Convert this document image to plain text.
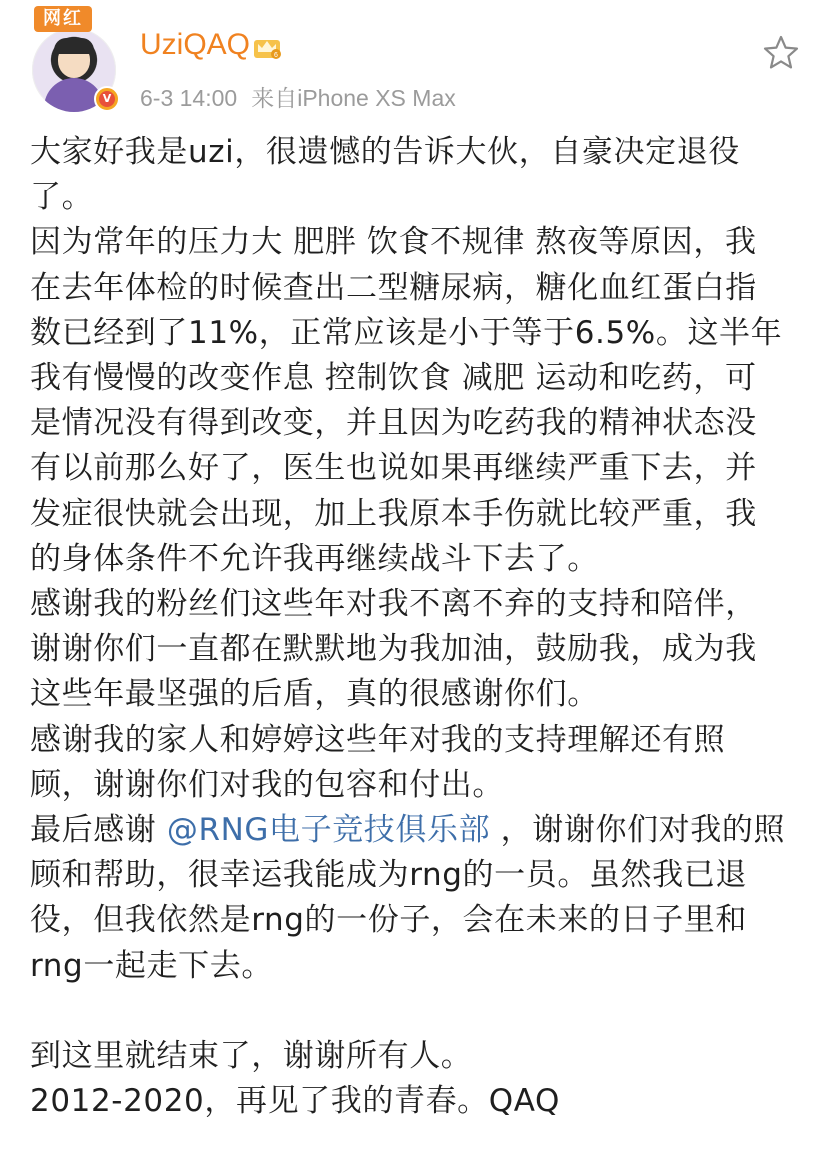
网红
V
UziQAQ	6
6-3 14:00 来自iPhone XS Max

大家好我是uzi，很遗憾的告诉大伙，自豪决定退役
了。

因为常年的压力大 肥胖 饮食不规律 熬夜等原因，我
在去年体检的时候查出二型糖尿病，糖化血红蛋白指
数已经到了11%，正常应该是小于等于6.5%。这半年
我有慢慢的改变作息 控制饮食 减肥 运动和吃药，可
是情况没有得到改变，并且因为吃药我的精神状态没
有以前那么好了，医生也说如果再继续严重下去，并
发症很快就会出现，加上我原本手伤就比较严重，我
的身体条件不允许我再继续战斗下去了。

感谢我的粉丝们这些年对我不离不弃的支持和陪伴，
谢谢你们一直都在默默地为我加油，鼓励我，成为我
这些年最坚强的后盾，真的很感谢你们。

感谢我的家人和婷婷这些年对我的支持理解还有照
顾，谢谢你们对我的包容和付出。

最后感谢 @RNG电子竞技俱乐部 ，谢谢你们对我的照
顾和帮助，很幸运我能成为rng的一员。虽然我已退
役，但我依然是rng的一份子，会在未来的日子里和
rng一起走下去。

到这里就结束了，谢谢所有人。
2012-2020，再见了我的青春。QAQ
